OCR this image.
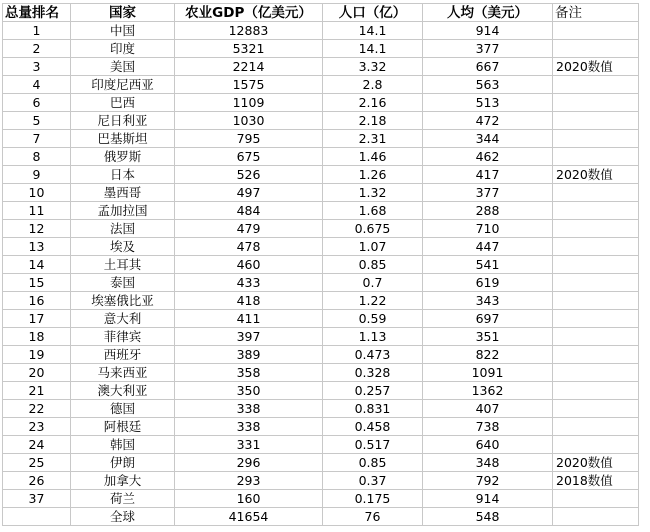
总量排名	国家	农业GDP（亿美元）	人口（亿）	人均（美元）	备注
1	中国	12883	14.1	914	
2	印度	5321	14.1	377	
3	美国	2214	3.32	667	2020数值
4	印度尼西亚	1575	2.8	563	
6	巴西	1109	2.16	513	
5	尼日利亚	1030	2.18	472	
7	巴基斯坦	795	2.31	344	
8	俄罗斯	675	1.46	462	
9	日本	526	1.26	417	2020数值
10	墨西哥	497	1.32	377	
11	孟加拉国	484	1.68	288	
12	法国	479	0.675	710	
13	埃及	478	1.07	447	
14	土耳其	460	0.85	541	
15	泰国	433	0.7	619	
16	埃塞俄比亚	418	1.22	343	
17	意大利	411	0.59	697	
18	菲律宾	397	1.13	351	
19	西班牙	389	0.473	822	
20	马来西亚	358	0.328	1091	
21	澳大利亚	350	0.257	1362	
22	德国	338	0.831	407	
23	阿根廷	338	0.458	738	
24	韩国	331	0.517	640	
25	伊朗	296	0.85	348	2020数值
26	加拿大	293	0.37	792	2018数值
37	荷兰	160	0.175	914	
	全球	41654	76	548	
